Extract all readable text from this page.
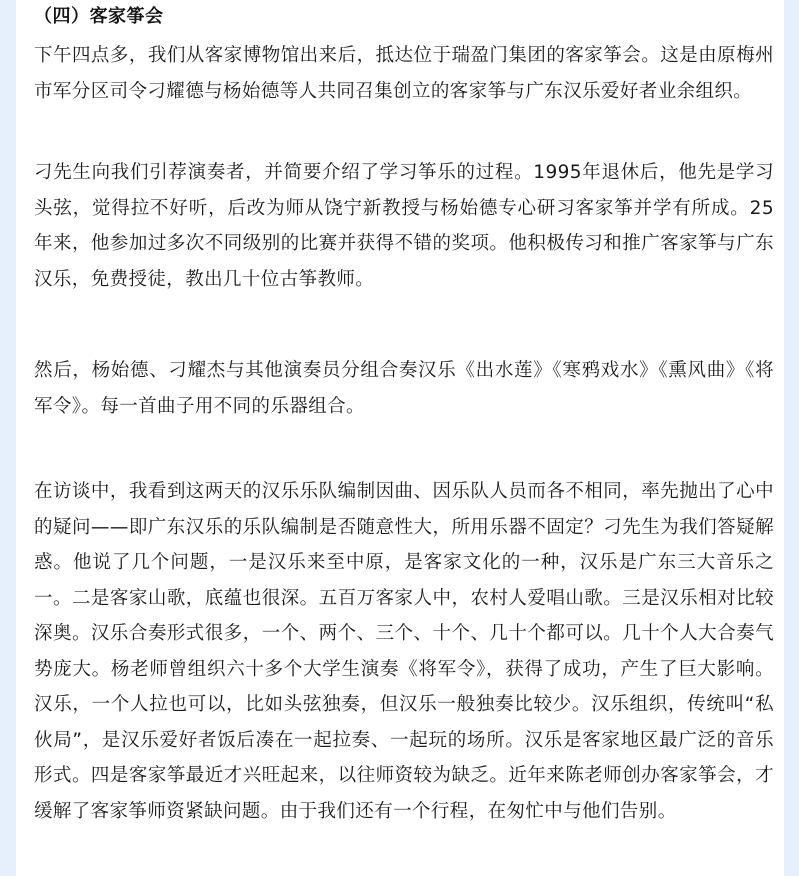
（四）客家筝会

下午四点多，我们从客家博物馆出来后，抵达位于瑞盈门集团的客家筝会。这是由原梅州市军分区司令刁耀德与杨始德等人共同召集创立的客家筝与广东汉乐爱好者业余组织。

刁先生向我们引荐演奏者，并简要介绍了学习筝乐的过程。1995年退休后，他先是学习头弦，觉得拉不好听，后改为师从饶宁新教授与杨始德专心研习客家筝并学有所成。25年来，他参加过多次不同级别的比赛并获得不错的奖项。他积极传习和推广客家筝与广东汉乐，免费授徒，教出几十位古筝教师。

然后，杨始德、刁耀杰与其他演奏员分组合奏汉乐《出水莲》《寒鸦戏水》《熏风曲》《将军令》。每一首曲子用不同的乐器组合。

在访谈中，我看到这两天的汉乐乐队编制因曲、因乐队人员而各不相同，率先抛出了心中的疑问——即广东汉乐的乐队编制是否随意性大，所用乐器不固定？刁先生为我们答疑解惑。他说了几个问题，一是汉乐来至中原，是客家文化的一种，汉乐是广东三大音乐之一。二是客家山歌，底蕴也很深。五百万客家人中，农村人爱唱山歌。三是汉乐相对比较深奥。汉乐合奏形式很多，一个、两个、三个、十个、几十个都可以。几十个人大合奏气势庞大。杨老师曾组织六十多个大学生演奏《将军令》，获得了成功，产生了巨大影响。汉乐，一个人拉也可以，比如头弦独奏，但汉乐一般独奏比较少。汉乐组织，传统叫“私伙局”，是汉乐爱好者饭后凑在一起拉奏、一起玩的场所。汉乐是客家地区最广泛的音乐形式。四是客家筝最近才兴旺起来，以往师资较为缺乏。近年来陈老师创办客家筝会，才缓解了客家筝师资紧缺问题。由于我们还有一个行程，在匆忙中与他们告别。
